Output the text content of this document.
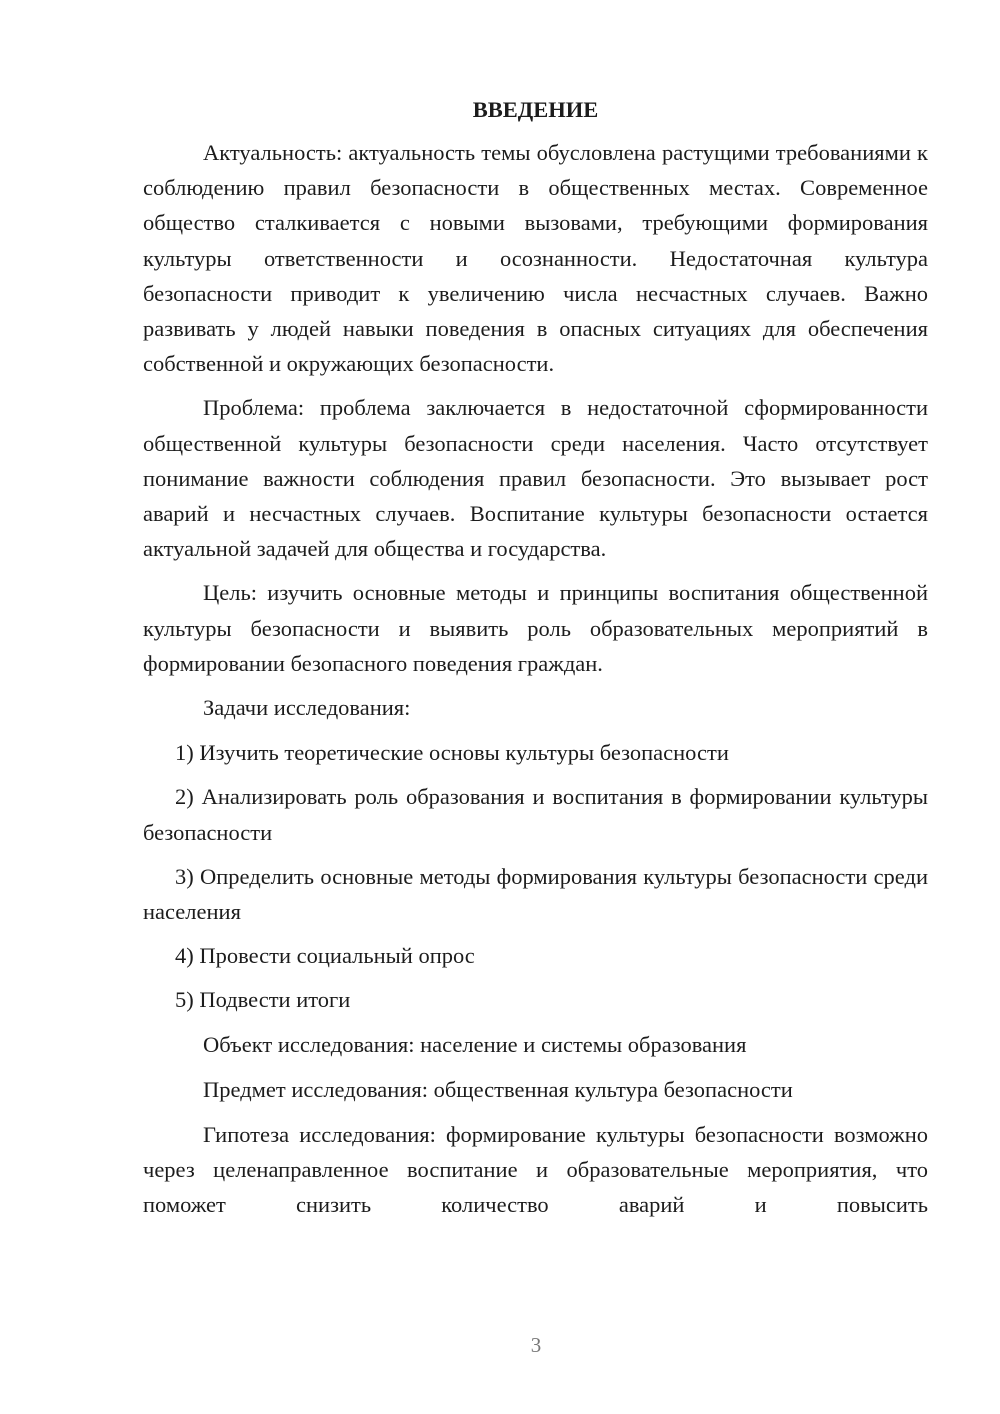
ВВЕДЕНИЕ

Актуальность: актуальность темы обусловлена растущими требованиями к соблюдению правил безопасности в общественных местах. Современное общество сталкивается с новыми вызовами, требующими формирования культуры ответственности и осознанности. Недостаточная культура безопасности приводит к увеличению числа несчастных случаев. Важно развивать у людей навыки поведения в опасных ситуациях для обеспечения собственной и окружающих безопасности.

Проблема: проблема заключается в недостаточной сформированности общественной культуры безопасности среди населения. Часто отсутствует понимание важности соблюдения правил безопасности. Это вызывает рост аварий и несчастных случаев. Воспитание культуры безопасности остается актуальной задачей для общества и государства.

Цель: изучить основные методы и принципы воспитания общественной культуры безопасности и выявить роль образовательных мероприятий в формировании безопасного поведения граждан.

Задачи исследования:

1) Изучить теоретические основы культуры безопасности

2) Анализировать роль образования и воспитания в формировании культуры безопасности

3) Определить основные методы формирования культуры безопасности среди населения

4) Провести социальный опрос

5) Подвести итоги

Объект исследования: население и системы образования

Предмет исследования: общественная культура безопасности

Гипотеза исследования: формирование культуры безопасности возможно через целенаправленное воспитание и образовательные мероприятия, что поможет снизить количество аварий и повысить

3
